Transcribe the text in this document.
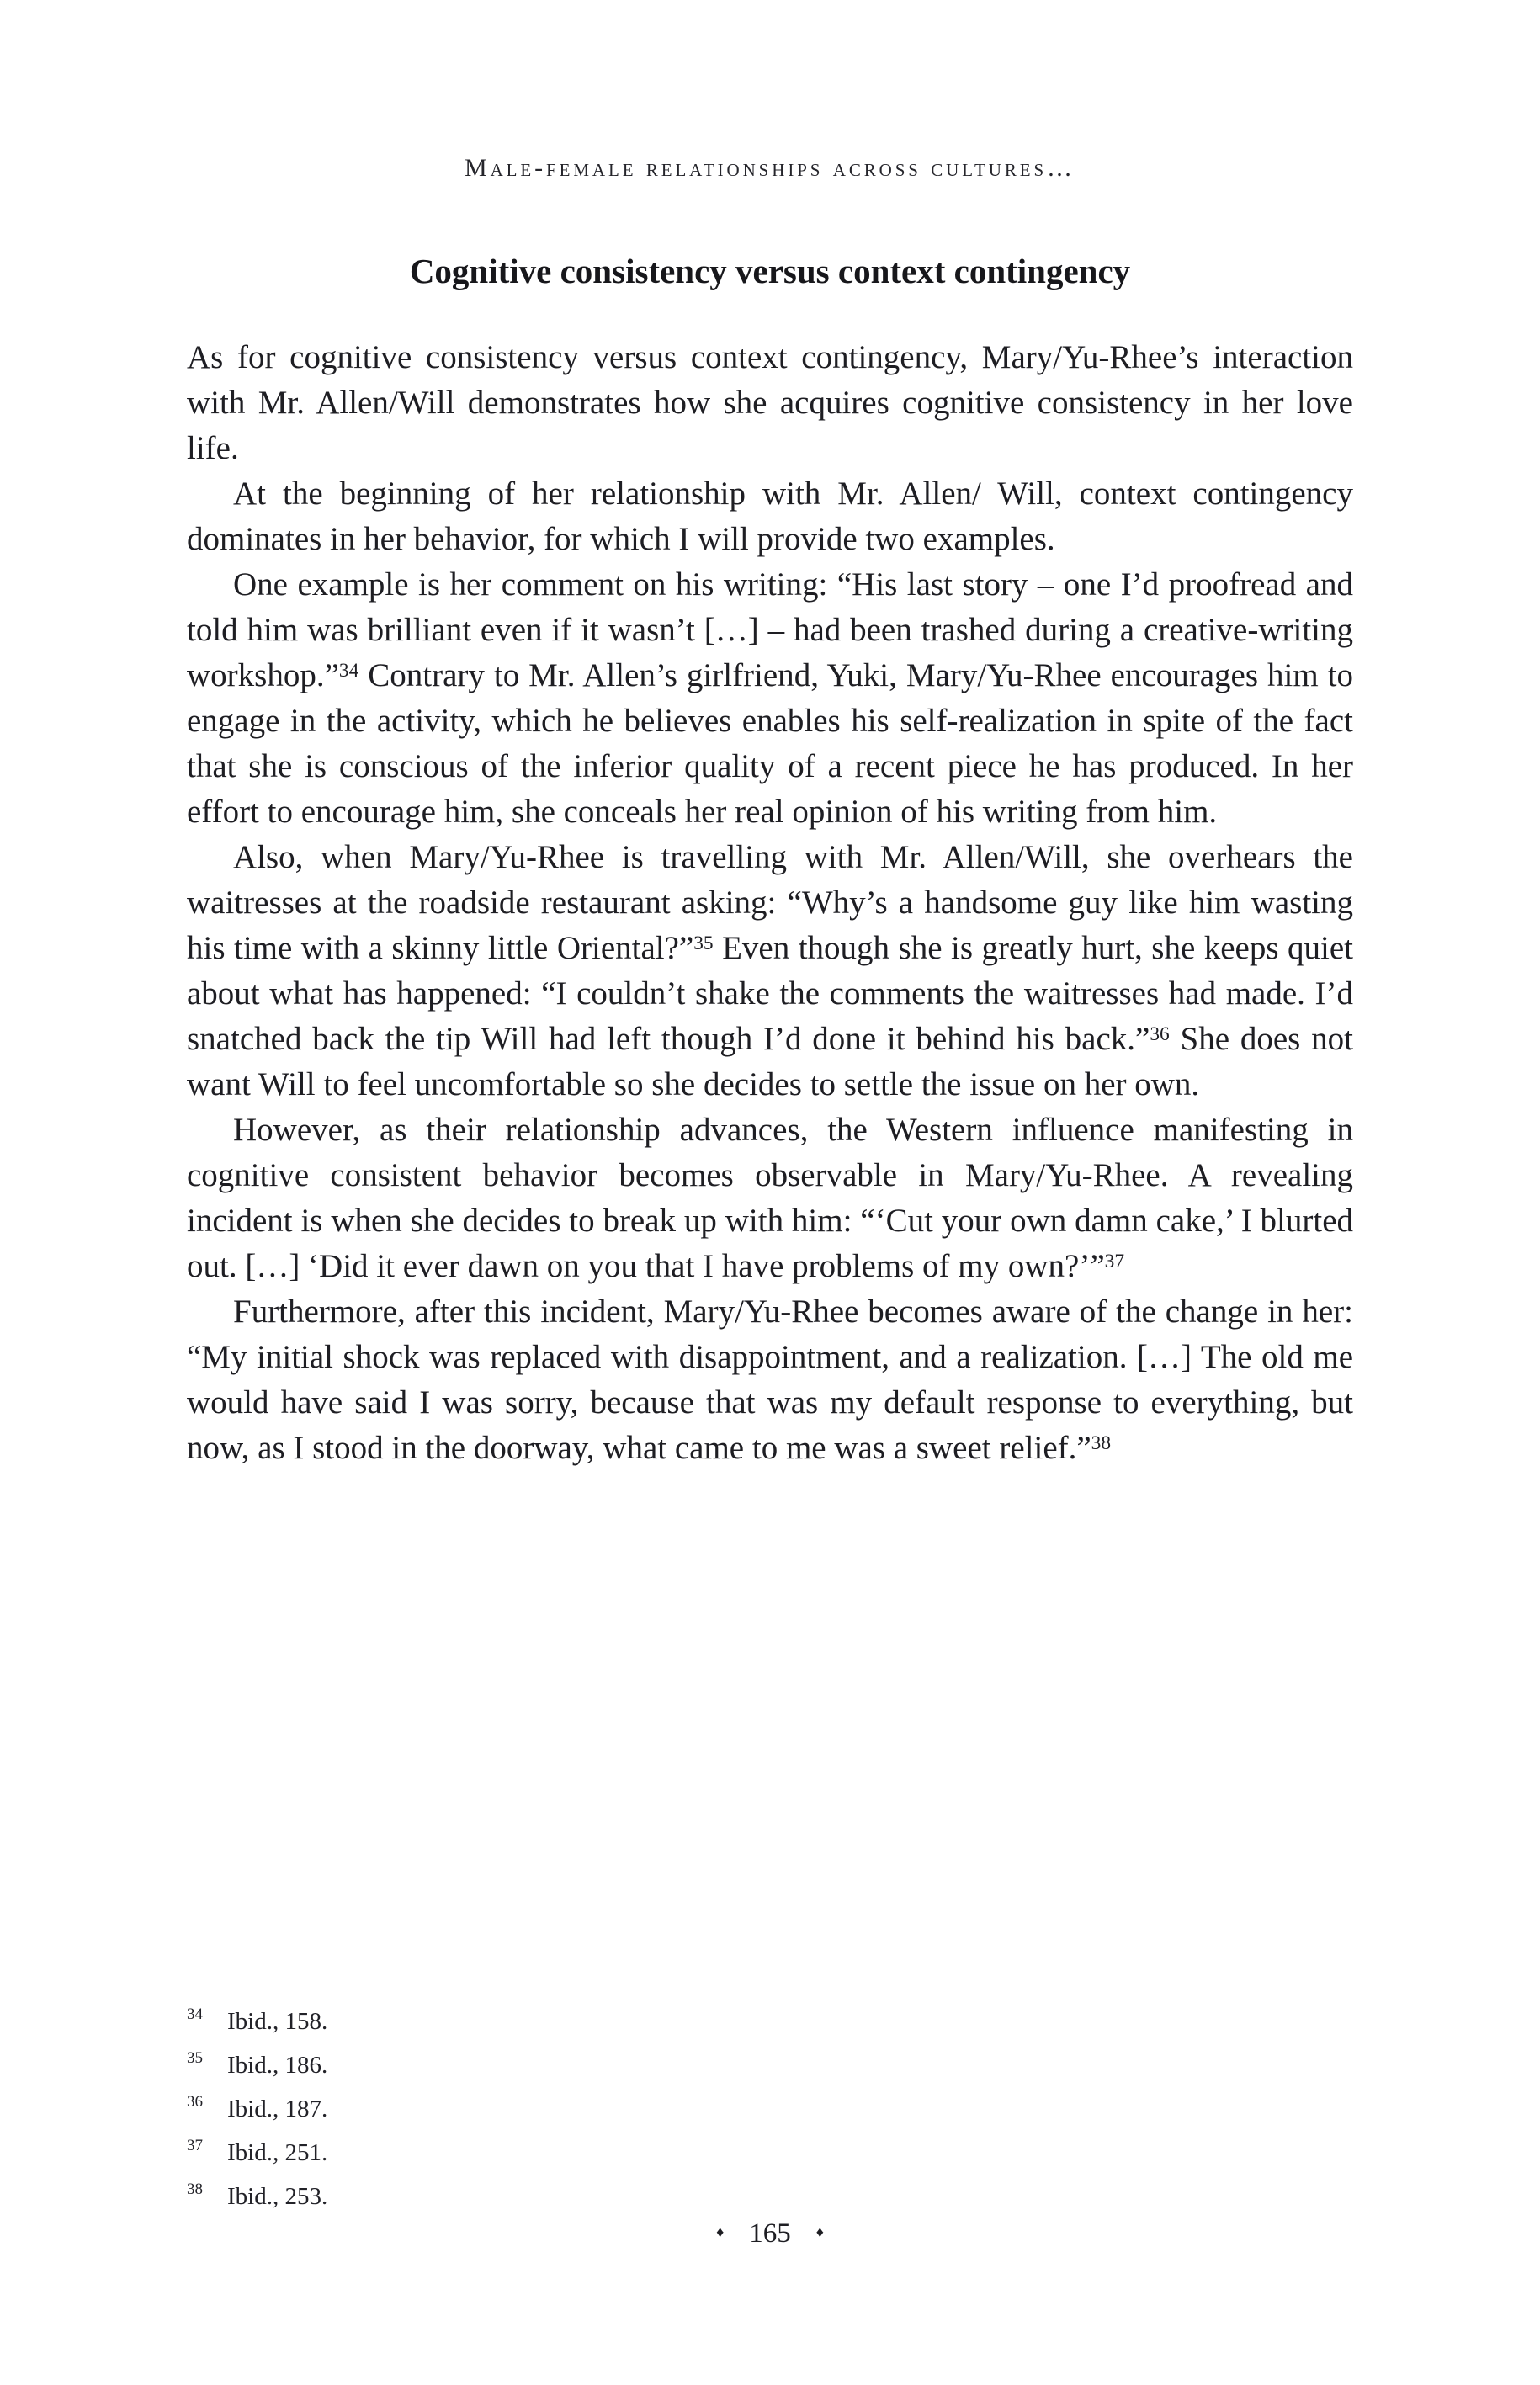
Male-female relationships across cultures…
Cognitive consistency versus context contingency

As for cognitive consistency versus context contingency, Mary/Yu-Rhee’s interaction with Mr. Allen/Will demonstrates how she acquires cognitive consistency in her love life.

At the beginning of her relationship with Mr. Allen/ Will, context contingency dominates in her behavior, for which I will provide two examples.

One example is her comment on his writing: “His last story – one I’d proofread and told him was brilliant even if it wasn’t […] – had been trashed during a creative-writing workshop.”$^{34}$ Contrary to Mr. Allen’s girlfriend, Yuki, Mary/Yu-Rhee encourages him to engage in the activity, which he believes enables his self-realization in spite of the fact that she is conscious of the inferior quality of a recent piece he has produced. In her effort to encourage him, she conceals her real opinion of his writing from him.

Also, when Mary/Yu-Rhee is travelling with Mr. Allen/Will, she overhears the waitresses at the roadside restaurant asking: “Why’s a handsome guy like him wasting his time with a skinny little Oriental?”$^{35}$ Even though she is greatly hurt, she keeps quiet about what has happened: “I couldn’t shake the comments the waitresses had made. I’d snatched back the tip Will had left though I’d done it behind his back.”$^{36}$ She does not want Will to feel uncomfortable so she decides to settle the issue on her own.

However, as their relationship advances, the Western influence manifesting in cognitive consistent behavior becomes observable in Mary/Yu-Rhee. A revealing incident is when she decides to break up with him: “‘Cut your own damn cake,’ I blurted out. […] ‘Did it ever dawn on you that I have problems of my own?’”$^{37}$

Furthermore, after this incident, Mary/Yu-Rhee becomes aware of the change in her: “My initial shock was replaced with disappointment, and a realization. […] The old me would have said I was sorry, because that was my default response to everything, but now, as I stood in the doorway, what came to me was a sweet relief.”$^{38}$

34 Ibid., 158.
35 Ibid., 186.
36 Ibid., 187.
37 Ibid., 251.
38 Ibid., 253.
♦ 165 ♦
